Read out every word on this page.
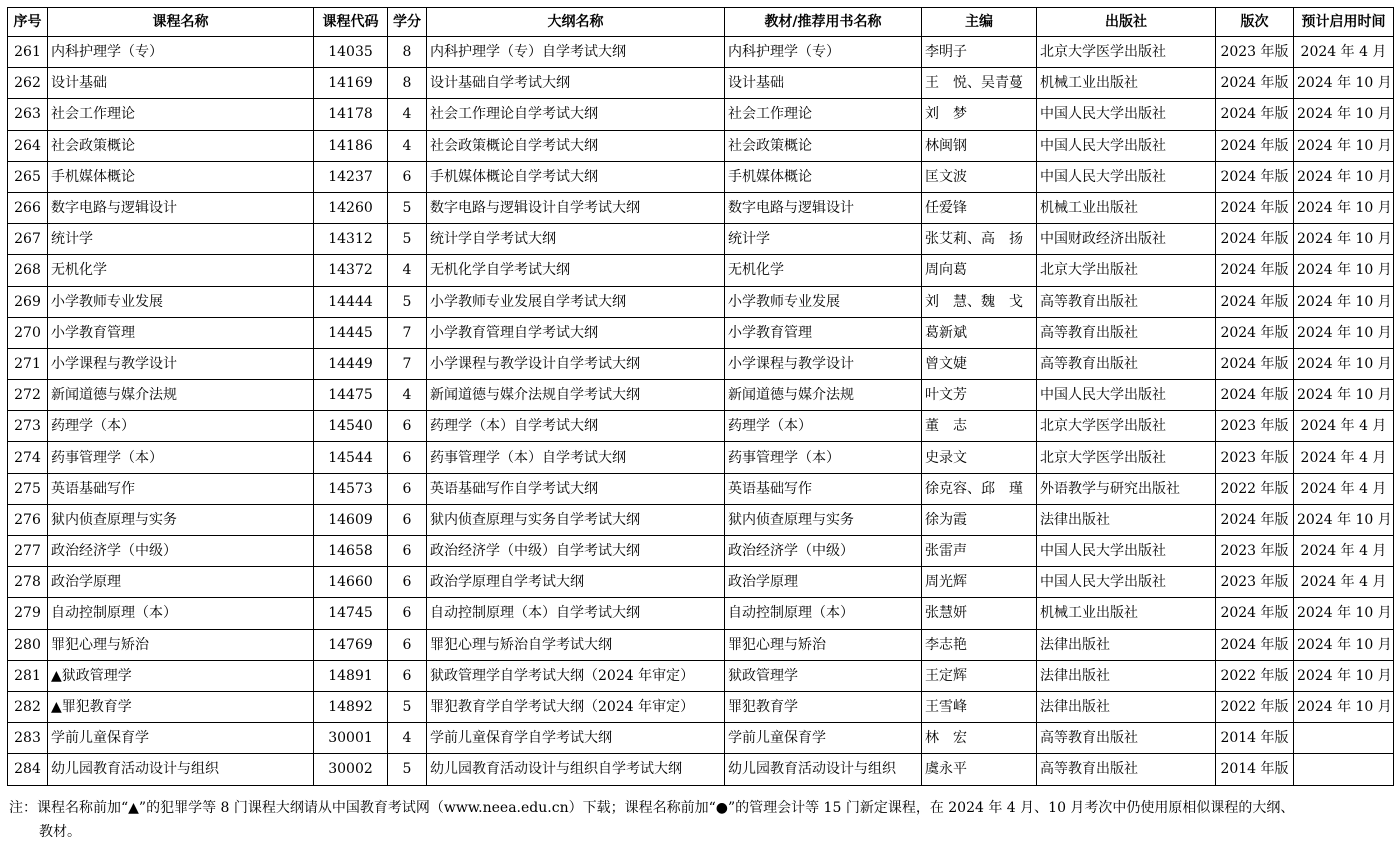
序号	课程名称	课程代码	学分	大纲名称	教材/推荐用书名称	主编	出版社	版次	预计启用时间
261	内科护理学（专）	14035	8	内科护理学（专）自学考试大纲	内科护理学（专）	李明子	北京大学医学出版社	2023 年版	2024 年 4 月
262	设计基础	14169	8	设计基础自学考试大纲	设计基础	王　悦、吴青蔓	机械工业出版社	2024 年版	2024 年 10 月
263	社会工作理论	14178	4	社会工作理论自学考试大纲	社会工作理论	刘　梦	中国人民大学出版社	2024 年版	2024 年 10 月
264	社会政策概论	14186	4	社会政策概论自学考试大纲	社会政策概论	林闽钢	中国人民大学出版社	2024 年版	2024 年 10 月
265	手机媒体概论	14237	6	手机媒体概论自学考试大纲	手机媒体概论	匡文波	中国人民大学出版社	2024 年版	2024 年 10 月
266	数字电路与逻辑设计	14260	5	数字电路与逻辑设计自学考试大纲	数字电路与逻辑设计	任爱锋	机械工业出版社	2024 年版	2024 年 10 月
267	统计学	14312	5	统计学自学考试大纲	统计学	张艾莉、高　扬	中国财政经济出版社	2024 年版	2024 年 10 月
268	无机化学	14372	4	无机化学自学考试大纲	无机化学	周向葛	北京大学出版社	2024 年版	2024 年 10 月
269	小学教师专业发展	14444	5	小学教师专业发展自学考试大纲	小学教师专业发展	刘　慧、魏　戈	高等教育出版社	2024 年版	2024 年 10 月
270	小学教育管理	14445	7	小学教育管理自学考试大纲	小学教育管理	葛新斌	高等教育出版社	2024 年版	2024 年 10 月
271	小学课程与教学设计	14449	7	小学课程与教学设计自学考试大纲	小学课程与教学设计	曾文婕	高等教育出版社	2024 年版	2024 年 10 月
272	新闻道德与媒介法规	14475	4	新闻道德与媒介法规自学考试大纲	新闻道德与媒介法规	叶文芳	中国人民大学出版社	2024 年版	2024 年 10 月
273	药理学（本）	14540	6	药理学（本）自学考试大纲	药理学（本）	董　志	北京大学医学出版社	2023 年版	2024 年 4 月
274	药事管理学（本）	14544	6	药事管理学（本）自学考试大纲	药事管理学（本）	史录文	北京大学医学出版社	2023 年版	2024 年 4 月
275	英语基础写作	14573	6	英语基础写作自学考试大纲	英语基础写作	徐克容、邱　瑾	外语教学与研究出版社	2022 年版	2024 年 4 月
276	狱内侦查原理与实务	14609	6	狱内侦查原理与实务自学考试大纲	狱内侦查原理与实务	徐为霞	法律出版社	2024 年版	2024 年 10 月
277	政治经济学（中级）	14658	6	政治经济学（中级）自学考试大纲	政治经济学（中级）	张雷声	中国人民大学出版社	2023 年版	2024 年 4 月
278	政治学原理	14660	6	政治学原理自学考试大纲	政治学原理	周光辉	中国人民大学出版社	2023 年版	2024 年 4 月
279	自动控制原理（本）	14745	6	自动控制原理（本）自学考试大纲	自动控制原理（本）	张慧妍	机械工业出版社	2024 年版	2024 年 10 月
280	罪犯心理与矫治	14769	6	罪犯心理与矫治自学考试大纲	罪犯心理与矫治	李志艳	法律出版社	2024 年版	2024 年 10 月
281	▲狱政管理学	14891	6	狱政管理学自学考试大纲（2024 年审定）	狱政管理学	王定辉	法律出版社	2022 年版	2024 年 10 月
282	▲罪犯教育学	14892	5	罪犯教育学自学考试大纲（2024 年审定）	罪犯教育学	王雪峰	法律出版社	2022 年版	2024 年 10 月
283	学前儿童保育学	30001	4	学前儿童保育学自学考试大纲	学前儿童保育学	林　宏	高等教育出版社	2014 年版	
284	幼儿园教育活动设计与组织	30002	5	幼儿园教育活动设计与组织自学考试大纲	幼儿园教育活动设计与组织	虞永平	高等教育出版社	2014 年版	
注：课程名称前加“▲”的犯罪学等 8 门课程大纲请从中国教育考试网（www.neea.edu.cn）下载；课程名称前加“●”的管理会计等 15 门新定课程，在 2024 年 4 月、10 月考次中仍使用原相似课程的大纲、
教材。
